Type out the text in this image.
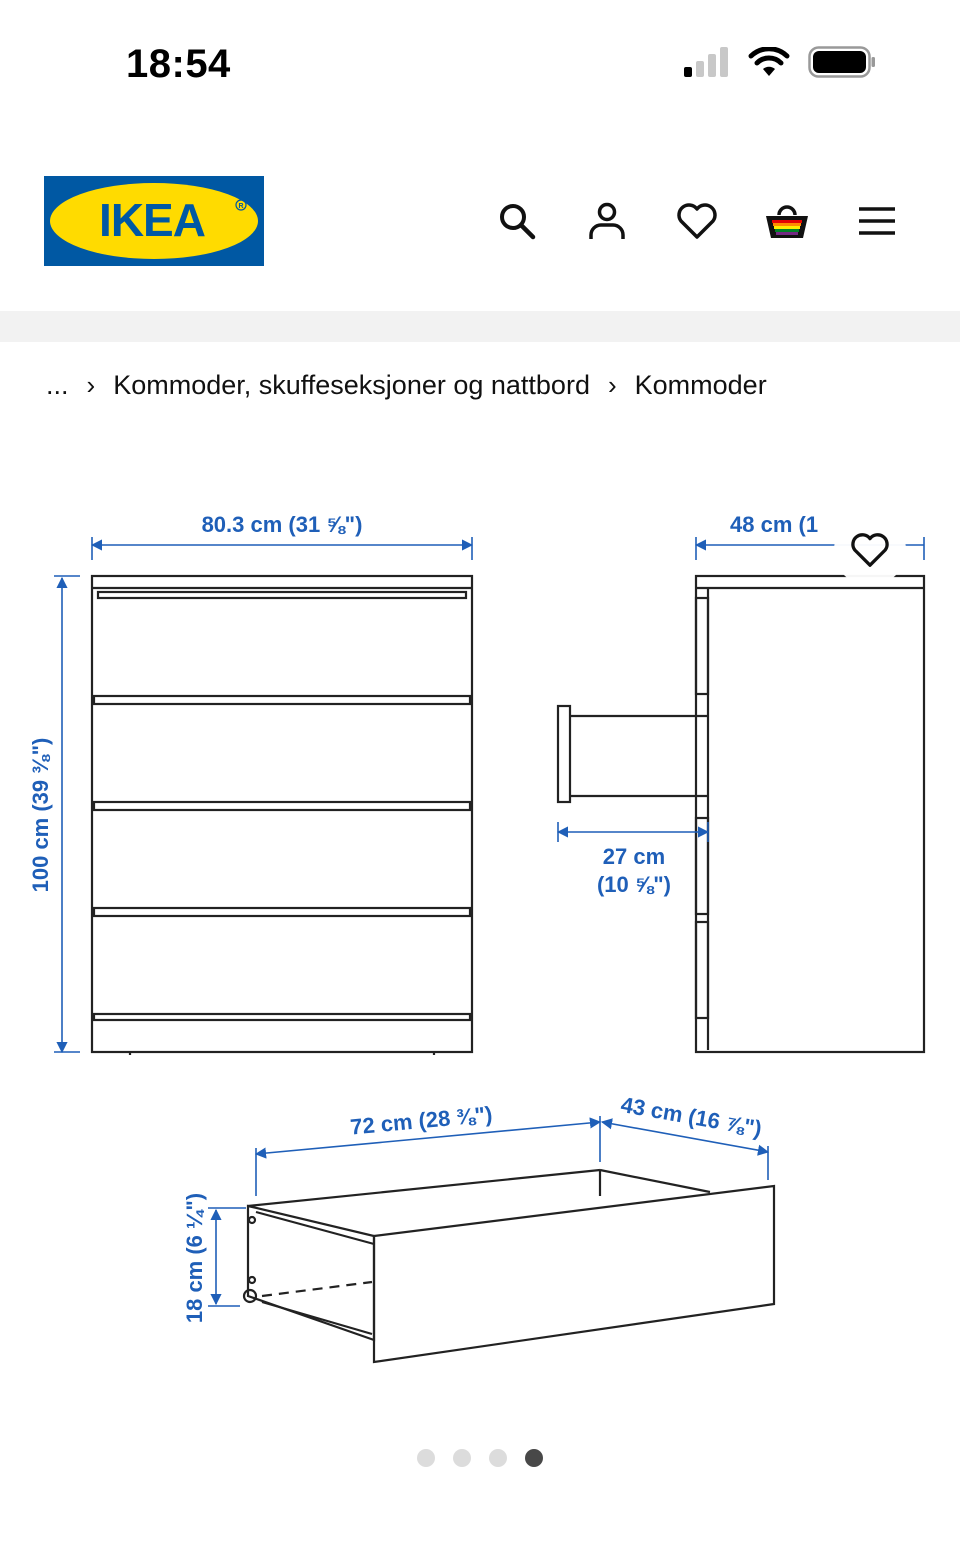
18:54
IKEA	R
... › Kommoder, skuffeseksjoner og nattbord › Kommoder
80.3 cm (31 ⅝")
100 cm (39 ⅜")
48 cm (1
27 cm
(10 ⅝")
72 cm (28 ⅜")	43 cm (16 ⅞")
18 cm (6 ¼")
